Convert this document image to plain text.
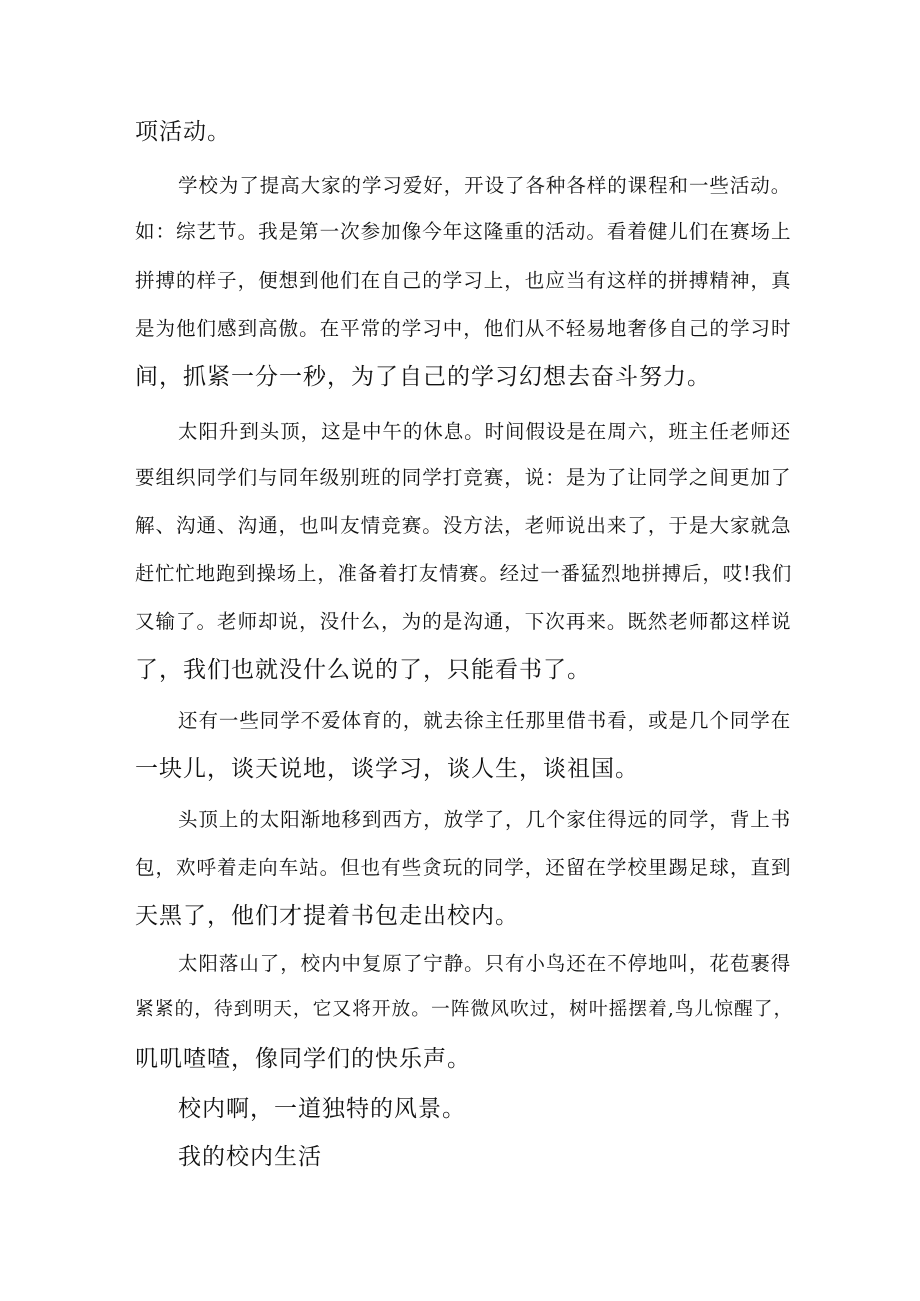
项活动。
学校为了提高大家的学习爱好，开设了各种各样的课程和一些活动。
如：综艺节。我是第一次参加像今年这隆重的活动。看着健儿们在赛场上
拼搏的样子，便想到他们在自己的学习上，也应当有这样的拼搏精神，真
是为他们感到高傲。在平常的学习中，他们从不轻易地奢侈自己的学习时
间，抓紧一分一秒，为了自己的学习幻想去奋斗努力。
太阳升到头顶，这是中午的休息。时间假设是在周六，班主任老师还
要组织同学们与同年级别班的同学打竞赛，说：是为了让同学之间更加了
解、沟通、沟通，也叫友情竞赛。没方法，老师说出来了，于是大家就急
赶忙忙地跑到操场上，准备着打友情赛。经过一番猛烈地拼搏后，哎!我们
又输了。老师却说，没什么，为的是沟通，下次再来。既然老师都这样说
了，我们也就没什么说的了，只能看书了。
还有一些同学不爱体育的，就去徐主任那里借书看，或是几个同学在
一块儿，谈天说地，谈学习，谈人生，谈祖国。
头顶上的太阳渐地移到西方，放学了，几个家住得远的同学，背上书
包，欢呼着走向车站。但也有些贪玩的同学，还留在学校里踢足球，直到
天黑了，他们才提着书包走出校内。
太阳落山了，校内中复原了宁静。只有小鸟还在不停地叫，花苞裹得
紧紧的，待到明天，它又将开放。一阵微风吹过，树叶摇摆着,鸟儿惊醒了，
叽叽喳喳，像同学们的快乐声。
校内啊，一道独特的风景。
我的校内生活
